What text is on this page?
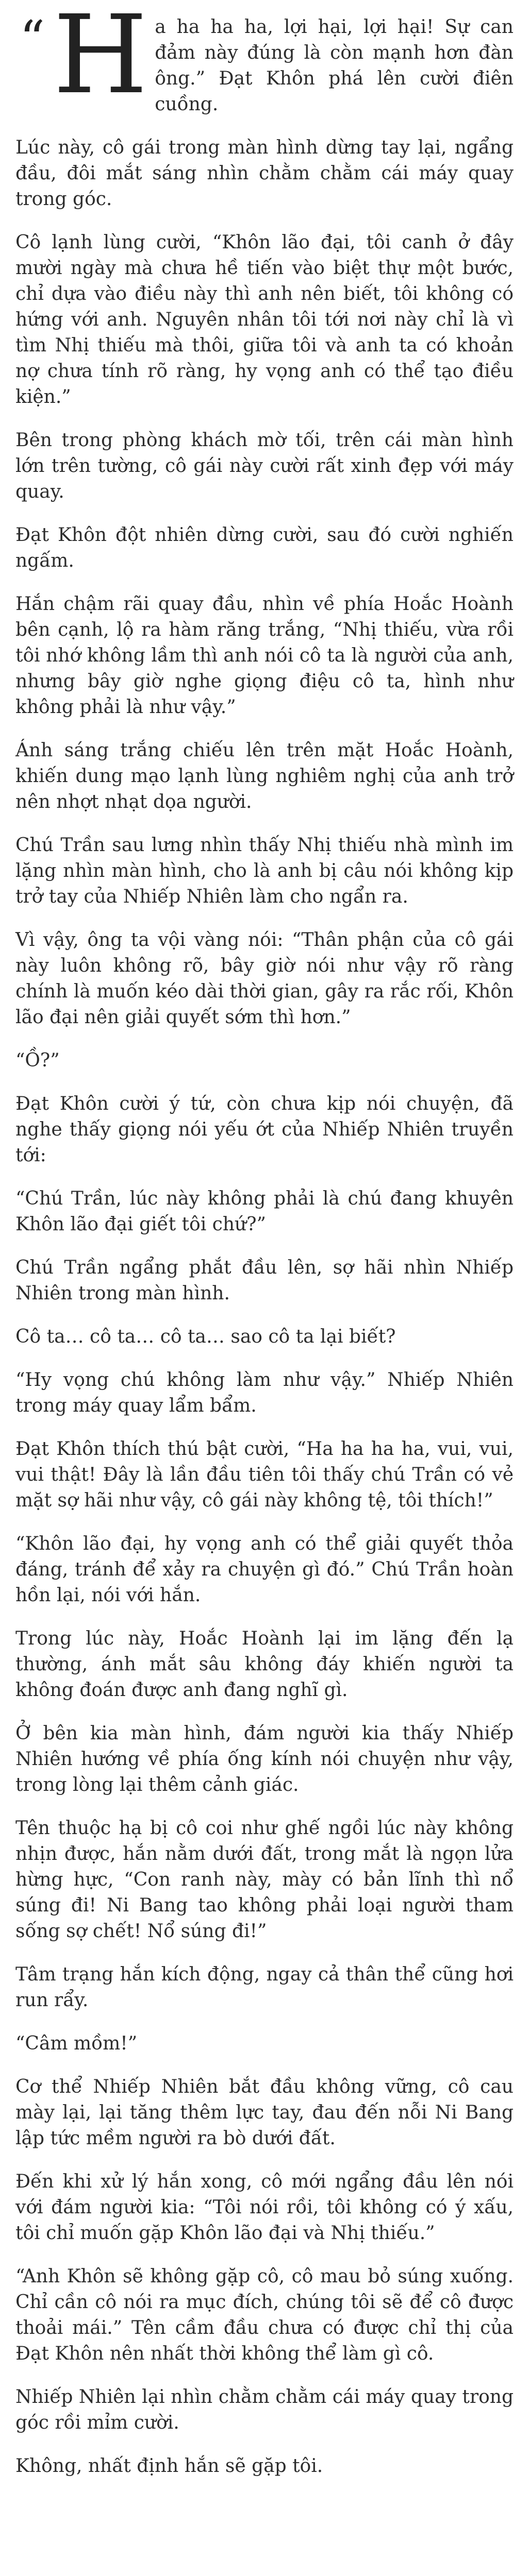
“ H a ha ha ha, lợi hại, lợi hại! Sự can đảm này đúng là còn mạnh hơn đàn ông.” Đạt Khôn phá lên cười điên cuồng.

Lúc này, cô gái trong màn hình dừng tay lại, ngẩng đầu, đôi mắt sáng nhìn chằm chằm cái máy quay trong góc.

Cô lạnh lùng cười, “Khôn lão đại, tôi canh ở đây mười ngày mà chưa hề tiến vào biệt thự một bước, chỉ dựa vào điều này thì anh nên biết, tôi không có hứng với anh. Nguyên nhân tôi tới nơi này chỉ là vì tìm Nhị thiếu mà thôi, giữa tôi và anh ta có khoản nợ chưa tính rõ ràng, hy vọng anh có thể tạo điều kiện.”

Bên trong phòng khách mờ tối, trên cái màn hình lớn trên tường, cô gái này cười rất xinh đẹp với máy quay.

Đạt Khôn đột nhiên dừng cười, sau đó cười nghiến ngấm.

Hắn chậm rãi quay đầu, nhìn về phía Hoắc Hoành bên cạnh, lộ ra hàm răng trắng, “Nhị thiếu, vừa rồi tôi nhớ không lầm thì anh nói cô ta là người của anh, nhưng bây giờ nghe giọng điệu cô ta, hình như không phải là như vậy.”

Ánh sáng trắng chiếu lên trên mặt Hoắc Hoành, khiến dung mạo lạnh lùng nghiêm nghị của anh trở nên nhợt nhạt dọa người.

Chú Trần sau lưng nhìn thấy Nhị thiếu nhà mình im lặng nhìn màn hình, cho là anh bị câu nói không kịp trở tay của Nhiếp Nhiên làm cho ngẩn ra.

Vì vậy, ông ta vội vàng nói: “Thân phận của cô gái này luôn không rõ, bây giờ nói như vậy rõ ràng chính là muốn kéo dài thời gian, gây ra rắc rối, Khôn lão đại nên giải quyết sớm thì hơn.”

“Ồ?”

Đạt Khôn cười ý tứ, còn chưa kịp nói chuyện, đã nghe thấy giọng nói yếu ớt của Nhiếp Nhiên truyền tới:

“Chú Trần, lúc này không phải là chú đang khuyên Khôn lão đại giết tôi chứ?”

Chú Trần ngẩng phắt đầu lên, sợ hãi nhìn Nhiếp Nhiên trong màn hình.

Cô ta… cô ta… cô ta… sao cô ta lại biết?

“Hy vọng chú không làm như vậy.” Nhiếp Nhiên trong máy quay lẩm bẩm.

Đạt Khôn thích thú bật cười, “Ha ha ha ha, vui, vui, vui thật! Đây là lần đầu tiên tôi thấy chú Trần có vẻ mặt sợ hãi như vậy, cô gái này không tệ, tôi thích!”

“Khôn lão đại, hy vọng anh có thể giải quyết thỏa đáng, tránh để xảy ra chuyện gì đó.” Chú Trần hoàn hồn lại, nói với hắn.

Trong lúc này, Hoắc Hoành lại im lặng đến lạ thường, ánh mắt sâu không đáy khiến người ta không đoán được anh đang nghĩ gì.

Ở bên kia màn hình, đám người kia thấy Nhiếp Nhiên hướng về phía ống kính nói chuyện như vậy, trong lòng lại thêm cảnh giác.

Tên thuộc hạ bị cô coi như ghế ngồi lúc này không nhịn được, hắn nằm dưới đất, trong mắt là ngọn lửa hừng hực, “Con ranh này, mày có bản lĩnh thì nổ súng đi! Ni Bang tao không phải loại người tham sống sợ chết! Nổ súng đi!”

Tâm trạng hắn kích động, ngay cả thân thể cũng hơi run rẩy.

“Câm mồm!”

Cơ thể Nhiếp Nhiên bắt đầu không vững, cô cau mày lại, lại tăng thêm lực tay, đau đến nỗi Ni Bang lập tức mềm người ra bò dưới đất.

Đến khi xử lý hắn xong, cô mới ngẩng đầu lên nói với đám người kia: “Tôi nói rồi, tôi không có ý xấu, tôi chỉ muốn gặp Khôn lão đại và Nhị thiếu.”

“Anh Khôn sẽ không gặp cô, cô mau bỏ súng xuống. Chỉ cần cô nói ra mục đích, chúng tôi sẽ để cô được thoải mái.” Tên cầm đầu chưa có được chỉ thị của Đạt Khôn nên nhất thời không thể làm gì cô.

Nhiếp Nhiên lại nhìn chằm chằm cái máy quay trong góc rồi mỉm cười.

Không, nhất định hắn sẽ gặp tôi.
